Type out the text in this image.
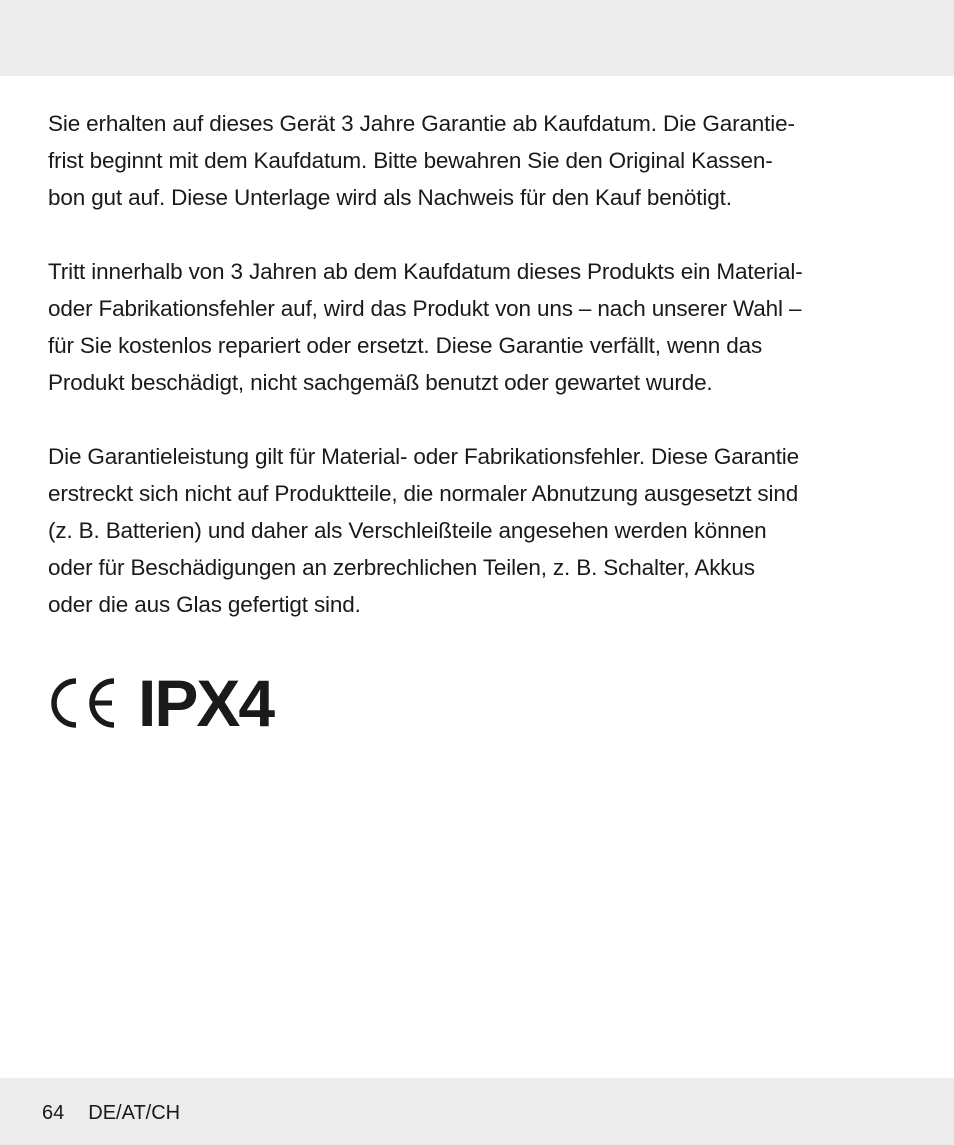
Sie erhalten auf dieses Gerät 3 Jahre Garantie ab Kaufdatum. Die Garantie-
frist beginnt mit dem Kaufdatum. Bitte bewahren Sie den Original Kassen-
bon gut auf. Diese Unterlage wird als Nachweis für den Kauf benötigt.

Tritt innerhalb von 3 Jahren ab dem Kaufdatum dieses Produkts ein Material-
oder Fabrikationsfehler auf, wird das Produkt von uns – nach unserer Wahl –
für Sie kostenlos repariert oder ersetzt. Diese Garantie verfällt, wenn das
Produkt beschädigt, nicht sachgemäß benutzt oder gewartet wurde.

Die Garantieleistung gilt für Material- oder Fabrikationsfehler. Diese Garantie
erstreckt sich nicht auf Produktteile, die normaler Abnutzung ausgesetzt sind
(z. B. Batterien) und daher als Verschleißteile angesehen werden können
oder für Beschädigungen an zerbrechlichen Teilen, z. B. Schalter, Akkus
oder die aus Glas gefertigt sind.

IPX4
64 DE/AT/CH
